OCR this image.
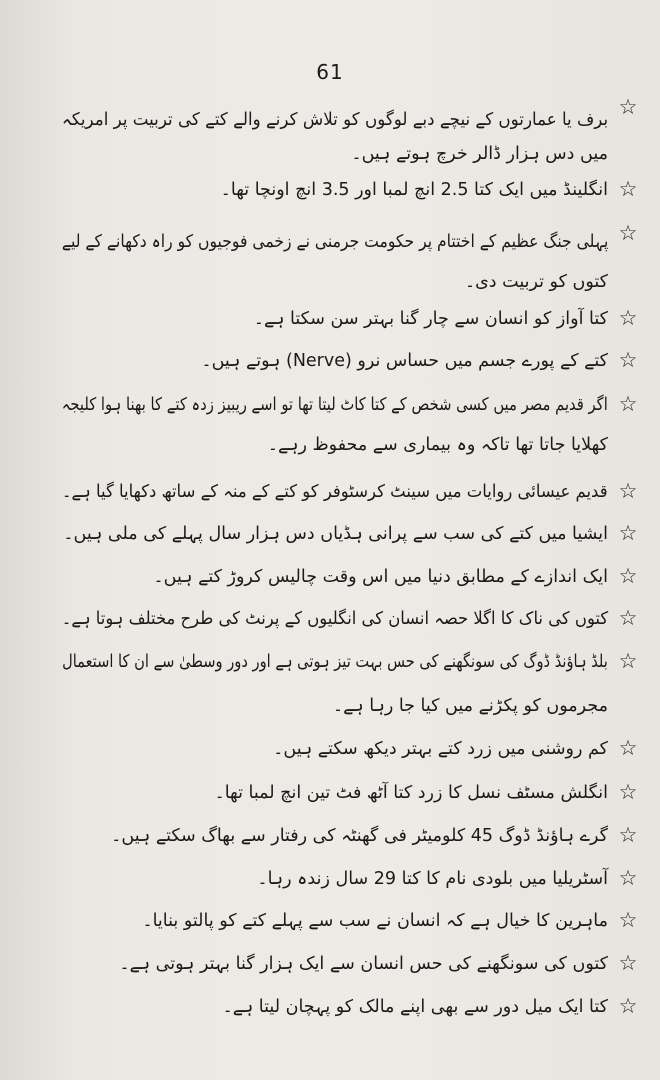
61
☆
برف یا عمارتوں کے نیچے دبے لوگوں کو تلاش کرنے والے کتے کی تربیت پر امریکہ
میں دس ہزار ڈالر خرچ ہوتے ہیں۔
☆
انگلینڈ میں ایک کتا 2.5 انچ لمبا اور 3.5 انچ اونچا تھا۔
☆
پہلی جنگ عظیم کے اختتام پر حکومت جرمنی نے زخمی فوجیوں کو راہ دکھانے کے لیے
کتوں کو تربیت دی۔
☆
کتا آواز کو انسان سے چار گنا بہتر سن سکتا ہے۔
☆
کتے کے پورے جسم میں حساس نرو (Nerve) ہوتے ہیں۔
☆
اگر قدیم مصر میں کسی شخص کے کتا کاٹ لیتا تھا تو اسے ریبیز زدہ کتے کا بھنا ہوا کلیجہ
کھلایا جاتا تھا تاکہ وہ بیماری سے محفوظ رہے۔
☆
قدیم عیسائی روایات میں سینٹ کرسٹوفر کو کتے کے منہ کے ساتھ دکھایا گیا ہے۔
☆
ایشیا میں کتے کی سب سے پرانی ہڈیاں دس ہزار سال پہلے کی ملی ہیں۔
☆
ایک اندازے کے مطابق دنیا میں اس وقت چالیس کروڑ کتے ہیں۔
☆
کتوں کی ناک کا اگلا حصہ انسان کی انگلیوں کے پرنٹ کی طرح مختلف ہوتا ہے۔
☆
بلڈ ہاؤنڈ ڈوگ کی سونگھنے کی حس بہت تیز ہوتی ہے اور دور وسطیٰ سے ان کا استعمال
مجرموں کو پکڑنے میں کیا جا رہا ہے۔
☆
کم روشنی میں زرد کتے بہتر دیکھ سکتے ہیں۔
☆
انگلش مسٹف نسل کا زرد کتا آٹھ فٹ تین انچ لمبا تھا۔
☆
گرے ہاؤنڈ ڈوگ 45 کلومیٹر فی گھنٹہ کی رفتار سے بھاگ سکتے ہیں۔
☆
آسٹریلیا میں بلودی نام کا کتا 29 سال زندہ رہا۔
☆
ماہرین کا خیال ہے کہ انسان نے سب سے پہلے کتے کو پالتو بنایا۔
☆
کتوں کی سونگھنے کی حس انسان سے ایک ہزار گنا بہتر ہوتی ہے۔
☆
کتا ایک میل دور سے بھی اپنے مالک کو پہچان لیتا ہے۔
